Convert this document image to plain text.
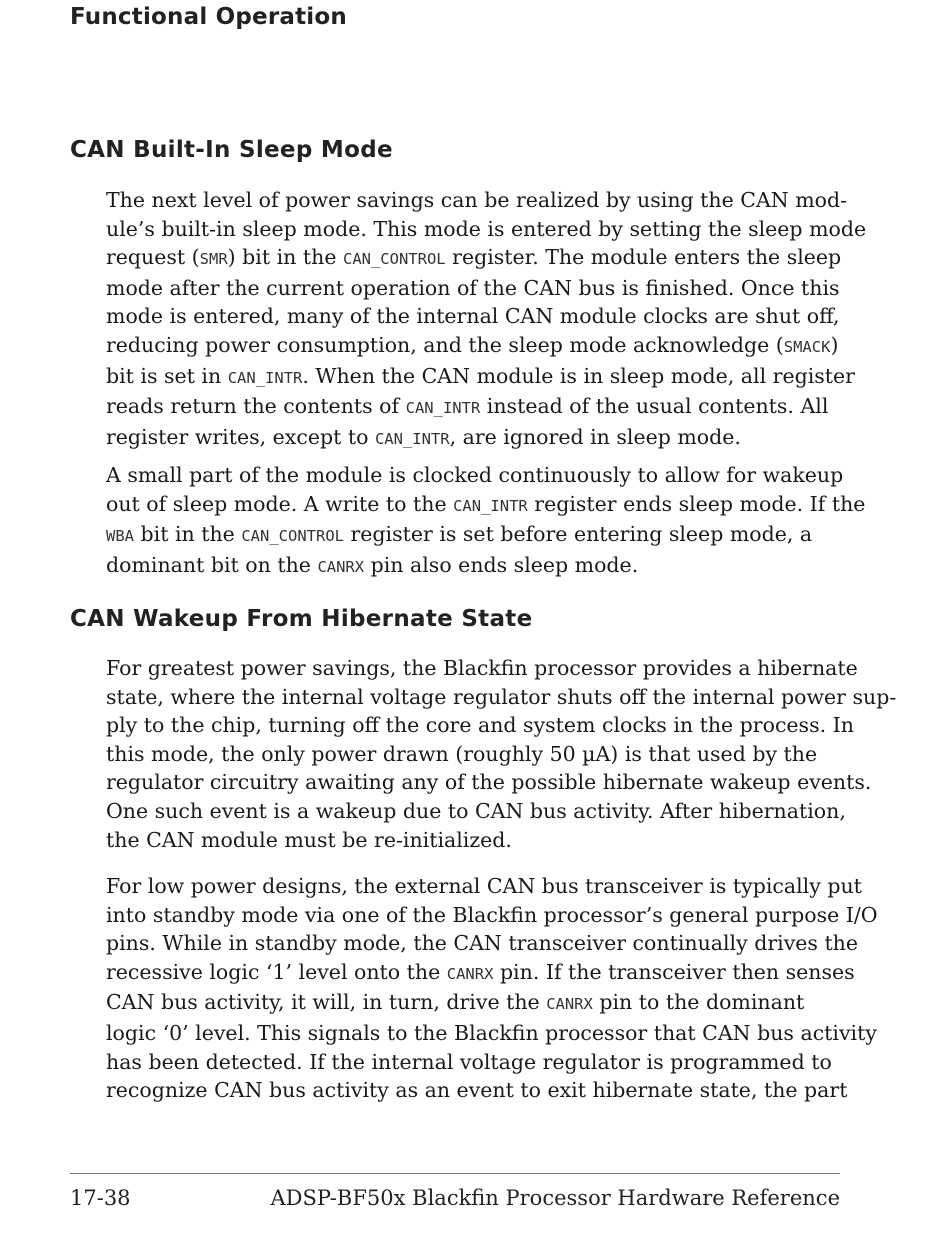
Functional Operation
CAN Built-In Sleep Mode
The next level of power savings can be realized by using the CAN mod-
ule’s built-in sleep mode. This mode is entered by setting the sleep mode
request (SMR) bit in the CAN_CONTROL register. The module enters the sleep
mode after the current operation of the CAN bus is finished. Once this
mode is entered, many of the internal CAN module clocks are shut off,
reducing power consumption, and the sleep mode acknowledge (SMACK)
bit is set in CAN_INTR. When the CAN module is in sleep mode, all register
reads return the contents of CAN_INTR instead of the usual contents. All
register writes, except to CAN_INTR, are ignored in sleep mode.
A small part of the module is clocked continuously to allow for wakeup
out of sleep mode. A write to the CAN_INTR register ends sleep mode. If the
WBA bit in the CAN_CONTROL register is set before entering sleep mode, a
dominant bit on the CANRX pin also ends sleep mode.
CAN Wakeup From Hibernate State
For greatest power savings, the Blackfin processor provides a hibernate
state, where the internal voltage regulator shuts off the internal power sup-
ply to the chip, turning off the core and system clocks in the process. In
this mode, the only power drawn (roughly 50 µA) is that used by the
regulator circuitry awaiting any of the possible hibernate wakeup events.
One such event is a wakeup due to CAN bus activity. After hibernation,
the CAN module must be re-initialized.
For low power designs, the external CAN bus transceiver is typically put
into standby mode via one of the Blackfin processor’s general purpose I/O
pins. While in standby mode, the CAN transceiver continually drives the
recessive logic ‘1’ level onto the CANRX pin. If the transceiver then senses
CAN bus activity, it will, in turn, drive the CANRX pin to the dominant
logic ‘0’ level. This signals to the Blackfin processor that CAN bus activity
has been detected. If the internal voltage regulator is programmed to
recognize CAN bus activity as an event to exit hibernate state, the part
17-38	ADSP-BF50x Blackfin Processor Hardware Reference
